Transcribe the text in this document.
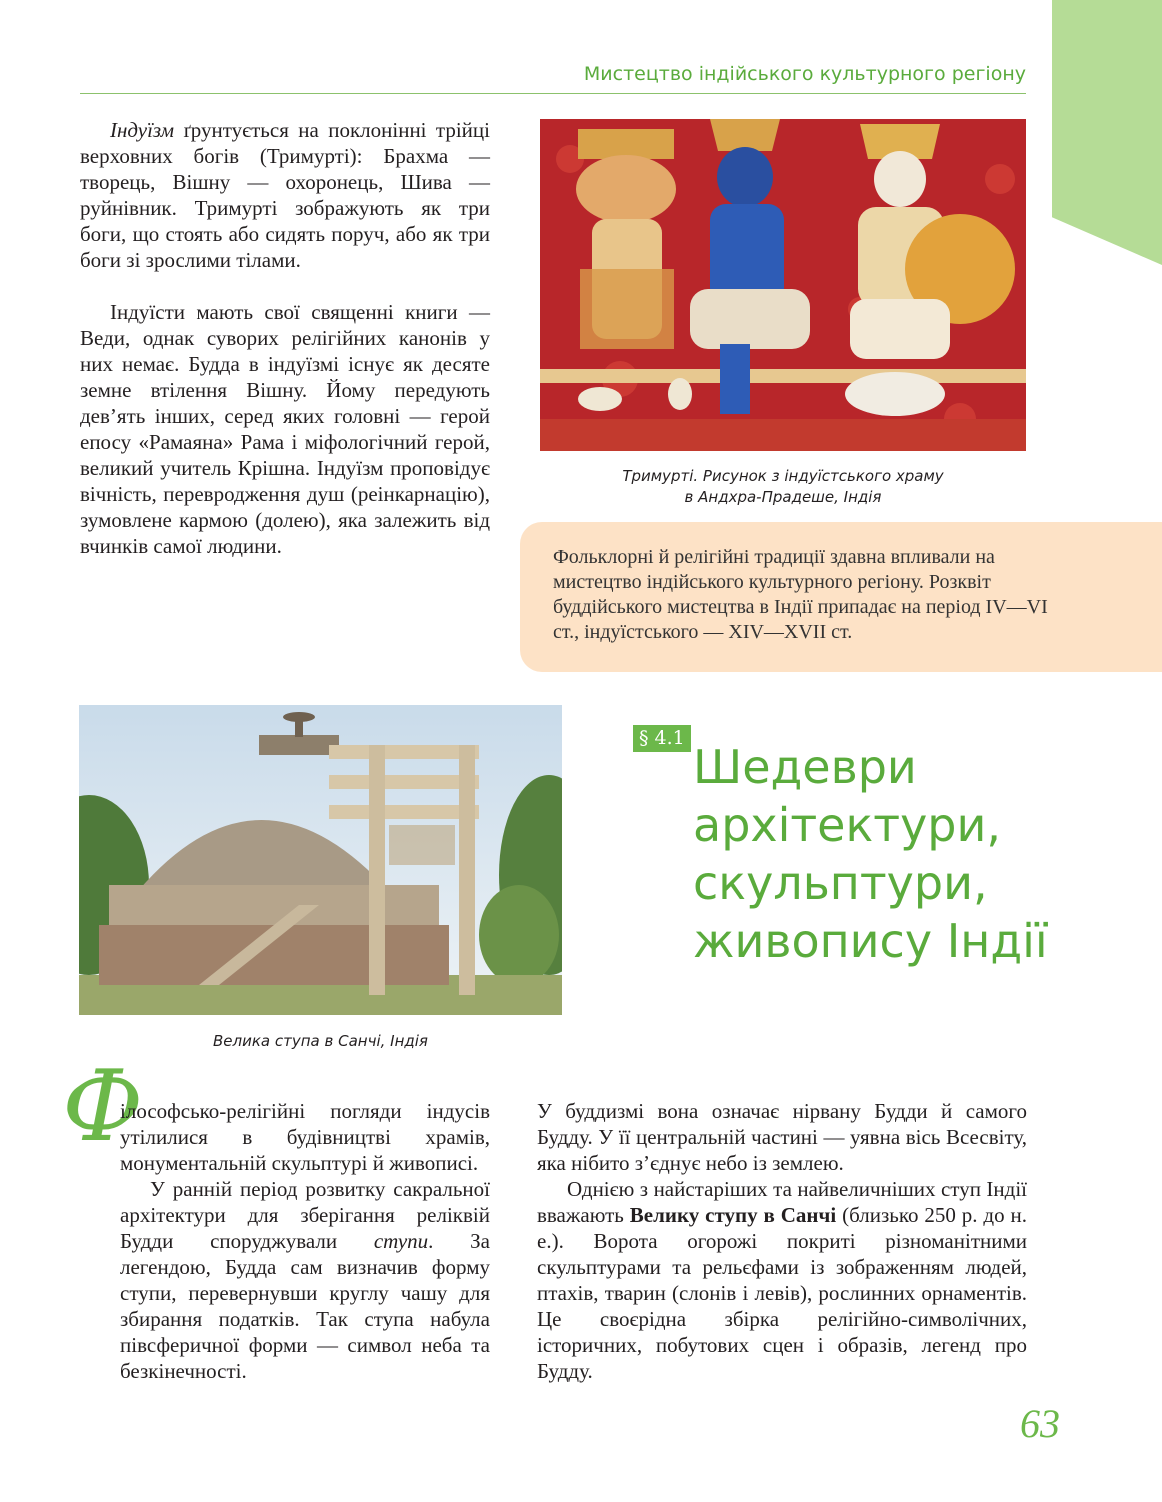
Мистецтво індійського культурного регіону

Індуїзм ґрунтується на поклонінні трійці верховних богів (Тримурті): Брахма — творець, Вішну — охоронець, Шива — руйнівник. Тримурті зображують як три боги, що стоять або сидять поруч, або як три боги зі зрослими тілами.

Індуїсти мають свої священні книги — Веди, однак суворих релігійних канонів у них немає. Будда в індуїзмі існує як десяте земне втілення Вішну. Йому передують дев’ять інших, серед яких головні — герой епосу «Рамаяна» Рама і міфологічний герой, великий учитель Крішна. Індуїзм проповідує вічність, перевродження душ (реінкарнацію), зумовлене кармою (долею), яка залежить від вчинків самої людини.

Тримурті. Рисунок з індуїстського храму
в Андхра-Прадеше, Індія
Фольклорні й релігійні традиції здавна впливали на мистецтво індійського культурного регіону. Розквіт буддійського мистецтва в Індії припадає на період IV—VI ст., індуїстського — XIV—XVII ст.
Велика ступа в Санчі, Індія
§ 4.1
Шедеври
архітектури,
скульптури,
живопису Індії
Ф

ілософсько-релігійні погляди індусів утілилися в будівництві храмів, монументальній скульптурі й живописі.

У ранній період розвитку сакральної архітектури для зберігання реліквій Будди споруджували ступи. За легендою, Будда сам визначив форму ступи, перевернувши круглу чашу для збирання податків. Так ступа набула півсферичної форми — символ неба та безкінечності.

У буддизмі вона означає нірвану Будди й самого Будду. У її центральній частині — уявна вісь Всесвіту, яка нібито з’єднує небо із землею.

Однією з найстаріших та найвеличніших ступ Індії вважають Велику ступу в Санчі (близько 250 р. до н. е.). Ворота огорожі покриті різноманітними скульптурами та рельєфами із зображенням людей, птахів, тварин (слонів і левів), рослинних орнаментів. Це своєрідна збірка релігійно-символічних, історичних, побутових сцен і образів, легенд про Будду.

63
